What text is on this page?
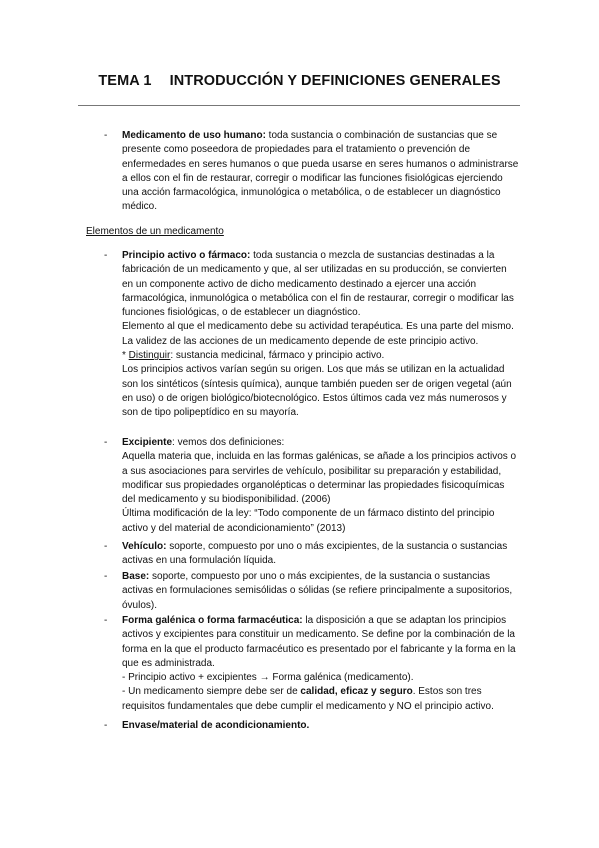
TEMA 1 INTRODUCCIÓN Y DEFINICIONES GENERALES
-	Medicamento de uso humano: toda sustancia o combinación de sustancias que se presente como poseedora de propiedades para el tratamiento o prevención de enfermedades en seres humanos o que pueda usarse en seres humanos o administrarse a ellos con el fin de restaurar, corregir o modificar las funciones fisiológicas ejerciendo una acción farmacológica, inmunológica o metabólica, o de establecer un diagnóstico médico.

Elementos de un medicamento
-	Principio activo o fármaco: toda sustancia o mezcla de sustancias destinadas a la fabricación de un medicamento y que, al ser utilizadas en su producción, se convierten en un componente activo de dicho medicamento destinado a ejercer una acción farmacológica, inmunológica o metabólica con el fin de restaurar, corregir o modificar las funciones fisiológicas, o de establecer un diagnóstico.

Elemento al que el medicamento debe su actividad terapéutica. Es una parte del mismo. La validez de las acciones de un medicamento depende de este principio activo.

* Distinguir: sustancia medicinal, fármaco y principio activo.

Los principios activos varían según su origen. Los que más se utilizan en la actualidad son los sintéticos (síntesis química), aunque también pueden ser de origen vegetal (aún en uso) o de origen biológico/biotecnológico. Estos últimos cada vez más numerosos y son de tipo polipeptídico en su mayoría.

-	Excipiente: vemos dos definiciones:

Aquella materia que, incluida en las formas galénicas, se añade a los principios activos o a sus asociaciones para servirles de vehículo, posibilitar su preparación y estabilidad, modificar sus propiedades organolépticas o determinar las propiedades fisicoquímicas del medicamento y su biodisponibilidad. (2006)

Última modificación de la ley: “Todo componente de un fármaco distinto del principio activo y del material de acondicionamiento” (2013)

-	Vehículo: soporte, compuesto por uno o más excipientes, de la sustancia o sustancias activas en una formulación líquida.

-	Base: soporte, compuesto por uno o más excipientes, de la sustancia o sustancias activas en formulaciones semisólidas o sólidas (se refiere principalmente a supositorios, óvulos).

-	Forma galénica o forma farmacéutica: la disposición a que se adaptan los principios activos y excipientes para constituir un medicamento. Se define por la combinación de la forma en la que el producto farmacéutico es presentado por el fabricante y la forma en la que es administrada.

- Principio activo + excipientes → Forma galénica (medicamento).

- Un medicamento siempre debe ser de calidad, eficaz y seguro. Estos son tres requisitos fundamentales que debe cumplir el medicamento y NO el principio activo.

-	Envase/material de acondicionamiento.
